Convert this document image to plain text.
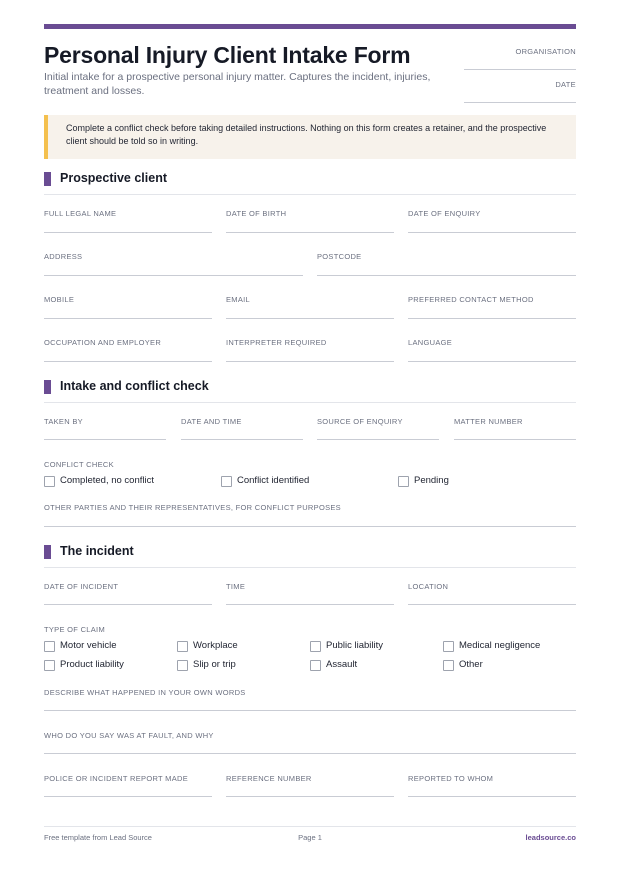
Personal Injury Client Intake Form
Initial intake for a prospective personal injury matter. Captures the incident, injuries, treatment and losses.
ORGANISATION
DATE

Complete a conflict check before taking detailed instructions. Nothing on this form creates a retainer, and the prospective client should be told so in writing.

Prospective client
FULL LEGAL NAME	DATE OF BIRTH	DATE OF ENQUIRY
ADDRESS	POSTCODE
MOBILE	EMAIL	PREFERRED CONTACT METHOD
OCCUPATION AND EMPLOYER	INTERPRETER REQUIRED	LANGUAGE
Intake and conflict check
TAKEN BY	DATE AND TIME	SOURCE OF ENQUIRY	MATTER NUMBER
CONFLICT CHECK
Completed, no conflict	Conflict identified	Pending
OTHER PARTIES AND THEIR REPRESENTATIVES, FOR CONFLICT PURPOSES
The incident
DATE OF INCIDENT	TIME	LOCATION
TYPE OF CLAIM
Motor vehicle	Workplace	Public liability	Medical negligence
Product liability	Slip or trip	Assault	Other
DESCRIBE WHAT HAPPENED IN YOUR OWN WORDS
WHO DO YOU SAY WAS AT FAULT, AND WHY
POLICE OR INCIDENT REPORT MADE	REFERENCE NUMBER	REPORTED TO WHOM
Free template from Lead Source	Page 1	leadsource.co
